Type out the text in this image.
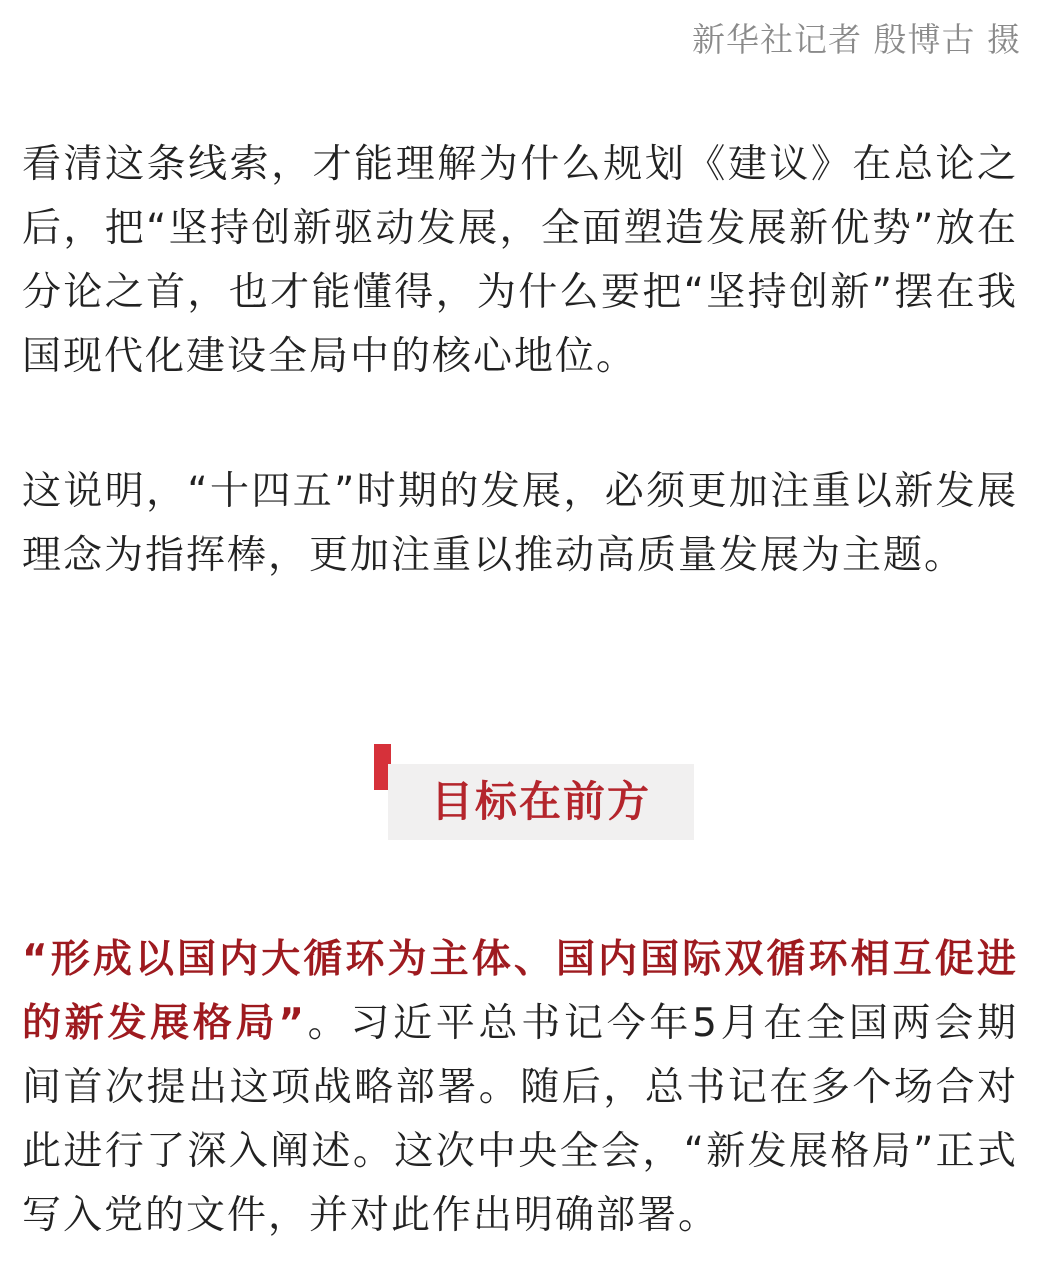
新华社记者 殷博古 摄

看清这条线索，才能理解为什么规划《建议》在总论之后，把“坚持创新驱动发展，全面塑造发展新优势”放在分论之首，也才能懂得，为什么要把“坚持创新”摆在我国现代化建设全局中的核心地位。

这说明，“十四五”时期的发展，必须更加注重以新发展理念为指挥棒，更加注重以推动高质量发展为主题。

目标在前方

“形成以国内大循环为主体、国内国际双循环相互促进的新发展格局”。习近平总书记今年5月在全国两会期间首次提出这项战略部署。随后，总书记在多个场合对此进行了深入阐述。这次中央全会，“新发展格局”正式写入党的文件，并对此作出明确部署。
